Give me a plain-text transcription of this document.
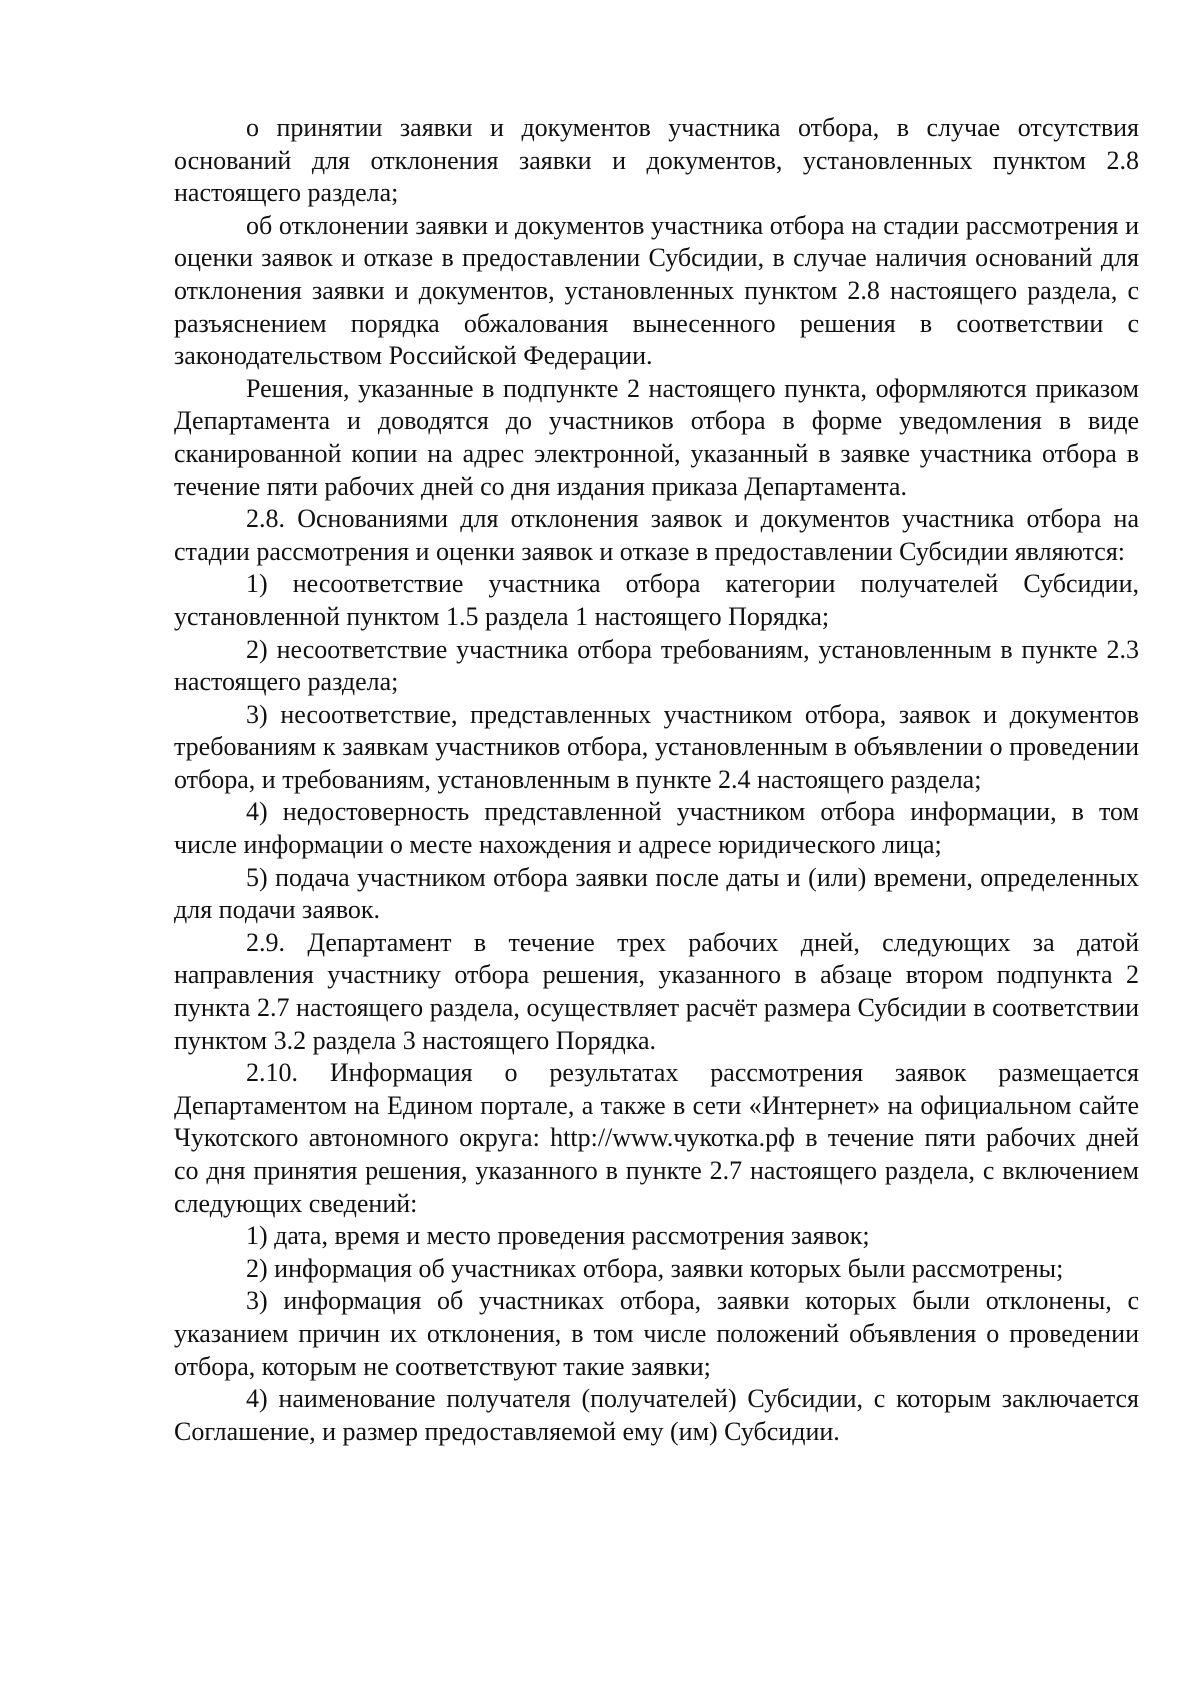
о принятии заявки и документов участника отбора, в случае отсутствия оснований для отклонения заявки и документов, установленных пунктом 2.8 настоящего раздела;

об отклонении заявки и документов участника отбора на стадии рассмотрения и оценки заявок и отказе в предоставлении Субсидии, в случае наличия оснований для отклонения заявки и документов, установленных пунктом 2.8 настоящего раздела, с разъяснением порядка обжалования вынесенного решения в соответствии с законодательством Российской Федерации.

Решения, указанные в подпункте 2 настоящего пункта, оформляются приказом Департамента и доводятся до участников отбора в форме уведомления в виде сканированной копии на адрес электронной, указанный в заявке участника отбора в течение пяти рабочих дней со дня издания приказа Департамента.

2.8. Основаниями для отклонения заявок и документов участника отбора на стадии рассмотрения и оценки заявок и отказе в предоставлении Субсидии являются:

1) несоответствие участника отбора категории получателей Субсидии, установленной пунктом 1.5 раздела 1 настоящего Порядка;

2) несоответствие участника отбора требованиям, установленным в пункте 2.3 настоящего раздела;

3) несоответствие, представленных участником отбора, заявок и документов требованиям к заявкам участников отбора, установленным в объявлении о проведении отбора, и требованиям, установленным в пункте 2.4 настоящего раздела;

4) недостоверность представленной участником отбора информации, в том числе информации о месте нахождения и адресе юридического лица;

5) подача участником отбора заявки после даты и (или) времени, определенных для подачи заявок.

2.9. Департамент в течение трех рабочих дней, следующих за датой направления участнику отбора решения, указанного в абзаце втором подпункта 2 пункта 2.7 настоящего раздела, осуществляет расчёт размера Субсидии в соответствии пунктом 3.2 раздела 3 настоящего Порядка.

2.10. Информация о результатах рассмотрения заявок размещается Департаментом на Едином портале, а также в сети «Интернет» на официальном сайте Чукотского автономного округа: http://www.чукотка.рф в течение пяти рабочих дней со дня принятия решения, указанного в пункте 2.7 настоящего раздела, с включением следующих сведений:

1) дата, время и место проведения рассмотрения заявок;

2) информация об участниках отбора, заявки которых были рассмотрены;

3) информация об участниках отбора, заявки которых были отклонены, с указанием причин их отклонения, в том числе положений объявления о проведении отбора, которым не соответствуют такие заявки;

4) наименование получателя (получателей) Субсидии, с которым заключается Соглашение, и размер предоставляемой ему (им) Субсидии.
